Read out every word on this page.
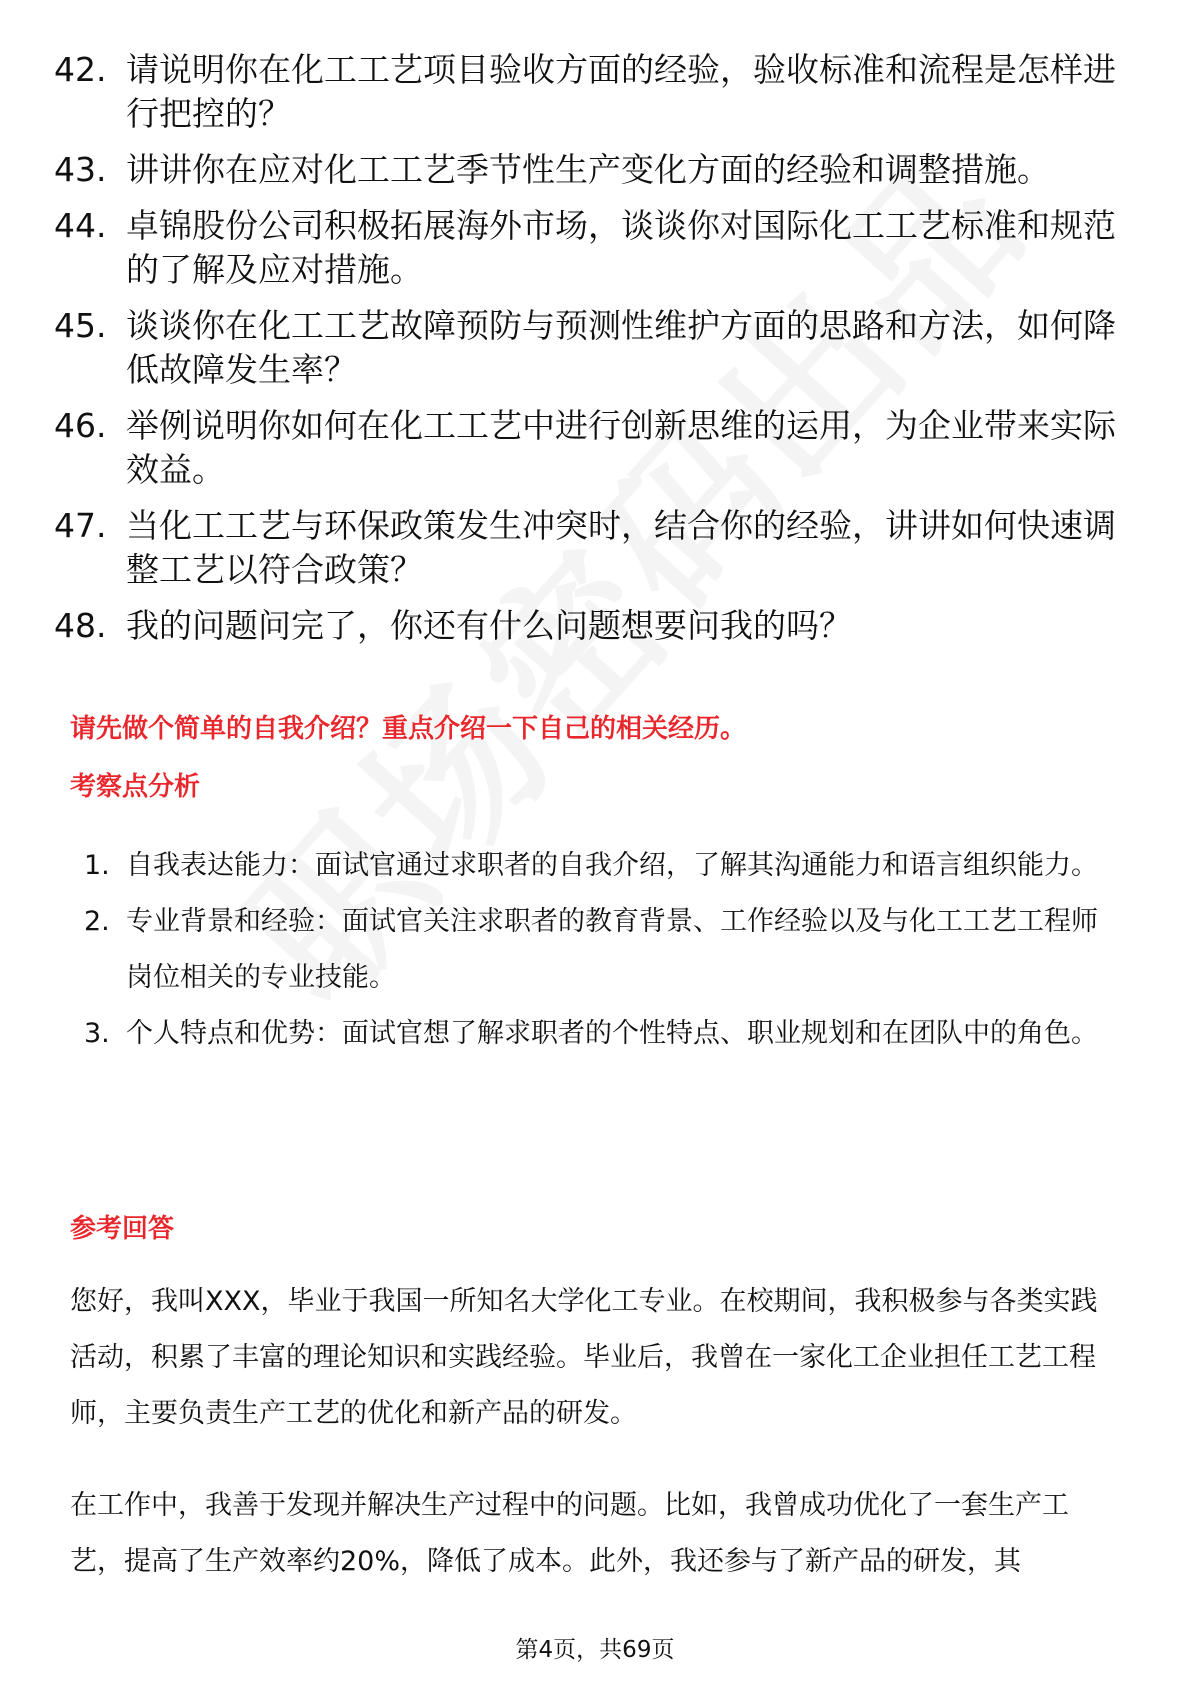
42. 请说明你在化工工艺项目验收方面的经验，验收标准和流程是怎样进行把控的？
43. 讲讲你在应对化工工艺季节性生产变化方面的经验和调整措施。
44. 卓锦股份公司积极拓展海外市场，谈谈你对国际化工工艺标准和规范的了解及应对措施。
45. 谈谈你在化工工艺故障预防与预测性维护方面的思路和方法，如何降低故障发生率？
46. 举例说明你如何在化工工艺中进行创新思维的运用，为企业带来实际效益。
47. 当化工工艺与环保政策发生冲突时，结合你的经验，讲讲如何快速调整工艺以符合政策？
48. 我的问题问完了，你还有什么问题想要问我的吗？
请先做个简单的自我介绍？重点介绍一下自己的相关经历。
考察点分析
1. 自我表达能力：面试官通过求职者的自我介绍，了解其沟通能力和语言组织能力。
2. 专业背景和经验：面试官关注求职者的教育背景、工作经验以及与化工工艺工程师岗位相关的专业技能。
3. 个人特点和优势：面试官想了解求职者的个性特点、职业规划和在团队中的角色。
参考回答

您好，我叫XXX，毕业于我国一所知名大学化工专业。在校期间，我积极参与各类实践活动，积累了丰富的理论知识和实践经验。毕业后，我曾在一家化工企业担任工艺工程师，主要负责生产工艺的优化和新产品的研发。

在工作中，我善于发现并解决生产过程中的问题。比如，我曾成功优化了一套生产工艺，提高了生产效率约20%，降低了成本。此外，我还参与了新产品的研发，其

第4页，共69页
